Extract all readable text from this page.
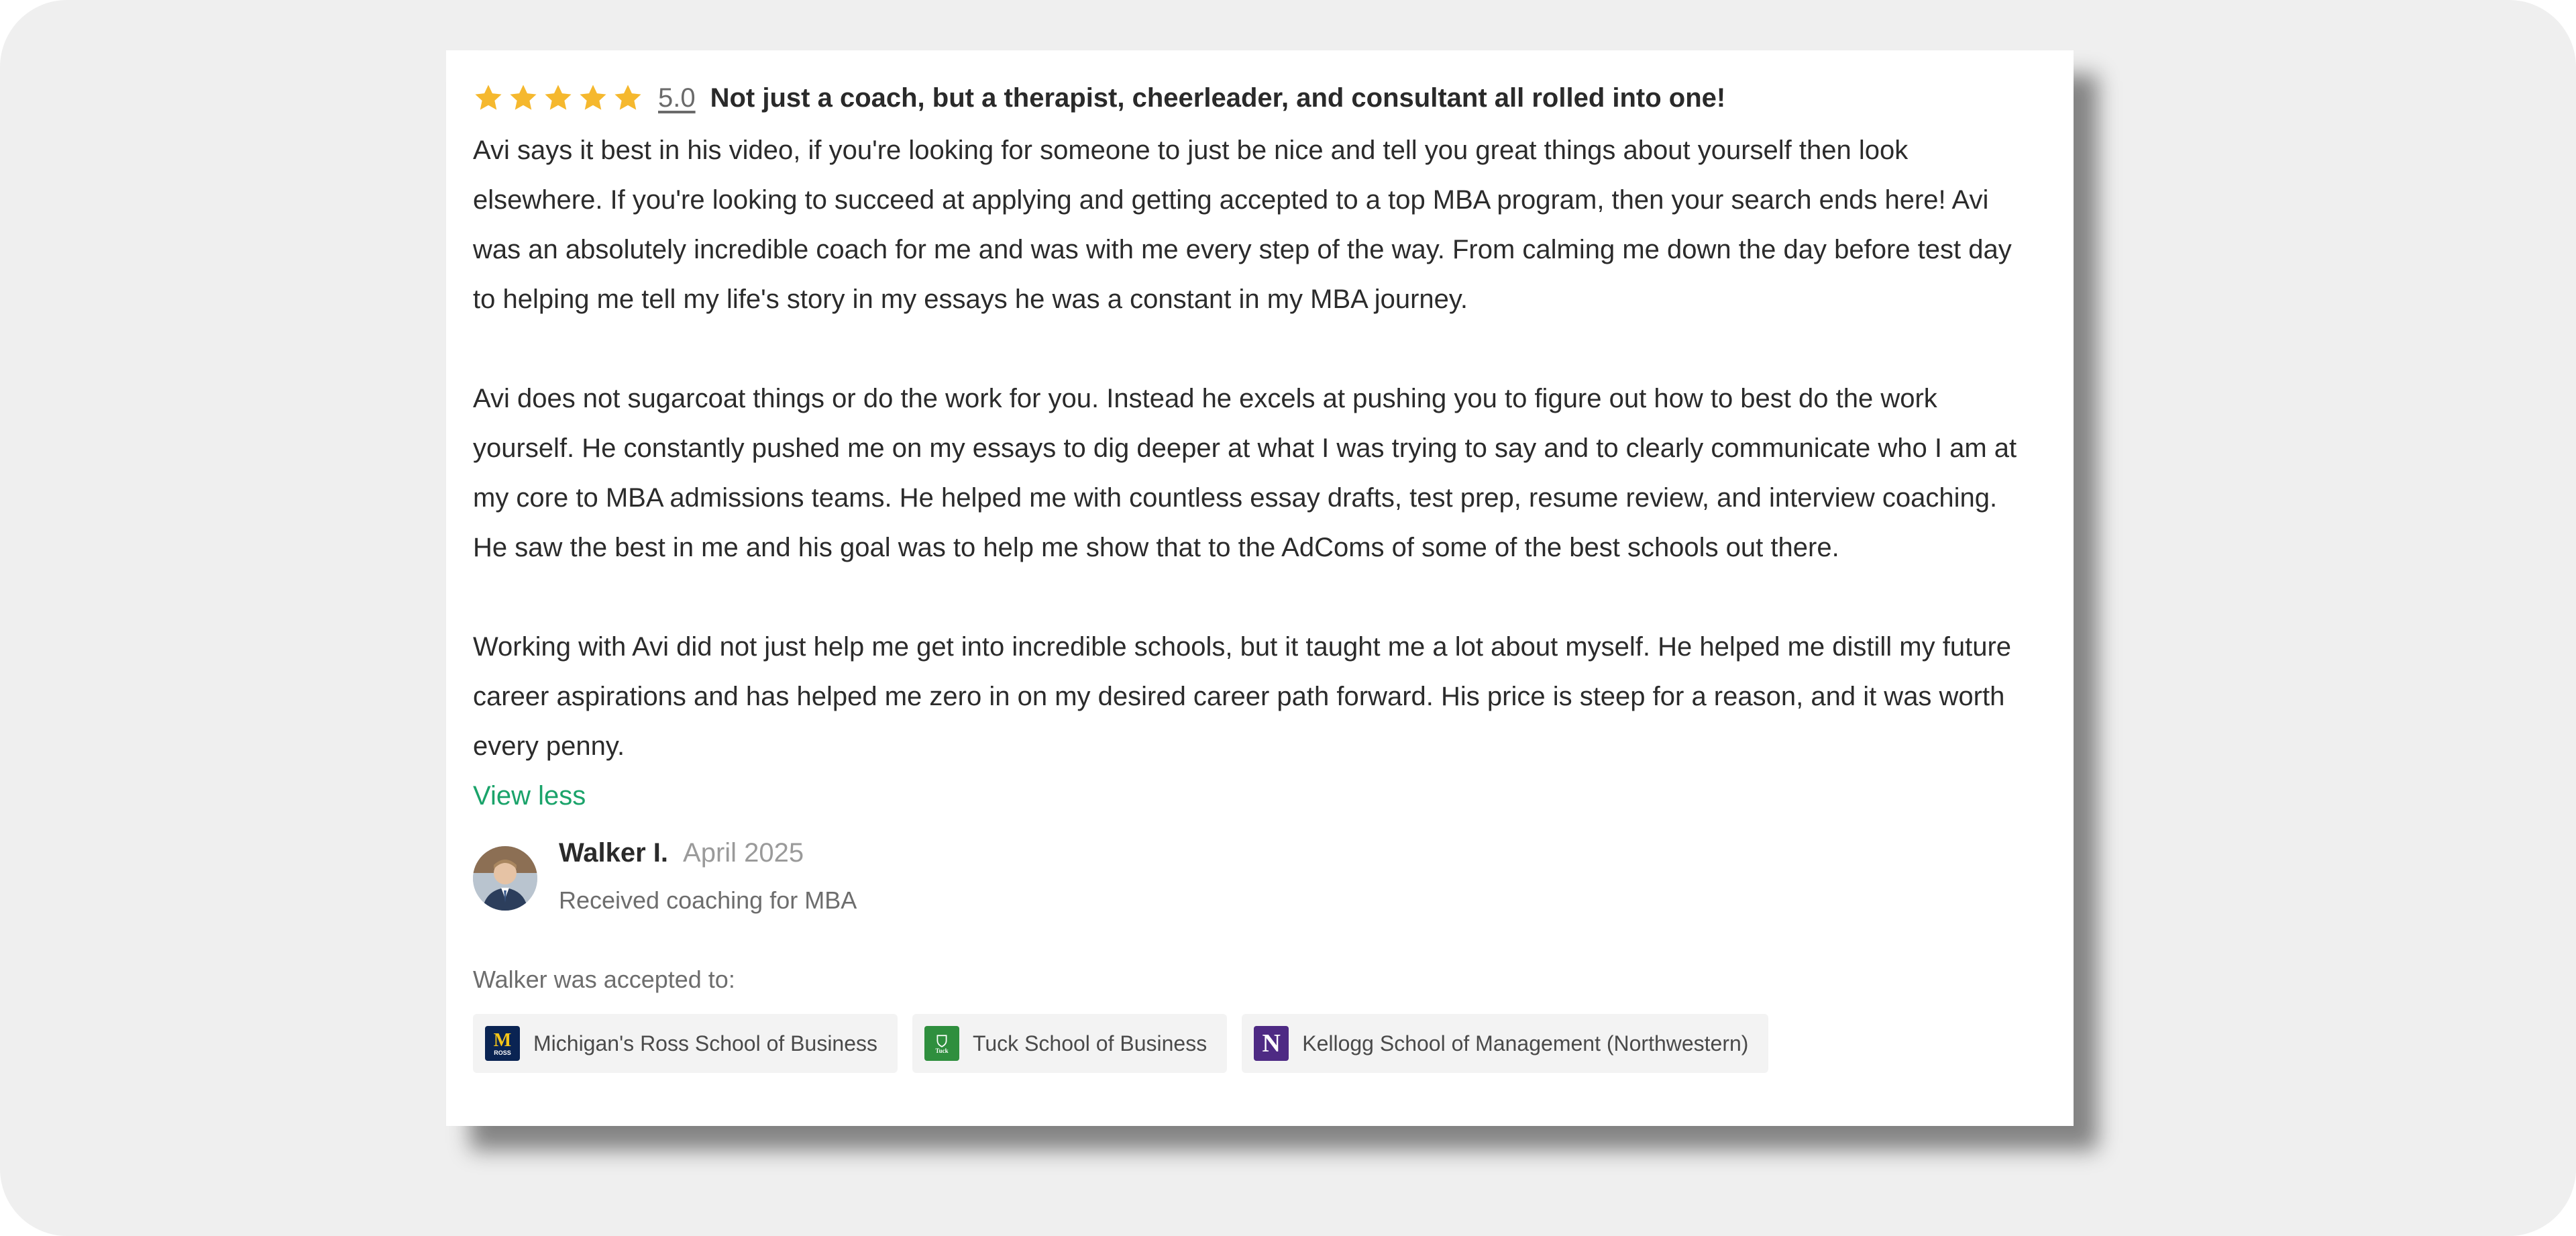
5.0 Not just a coach, but a therapist, cheerleader, and consultant all rolled into one!

Avi says it best in his video, if you're looking for someone to just be nice and tell you great things about yourself then look elsewhere. If you're looking to succeed at applying and getting accepted to a top MBA program, then your search ends here! Avi was an absolutely incredible coach for me and was with me every step of the way. From calming me down the day before test day to helping me tell my life's story in my essays he was a constant in my MBA journey.

Avi does not sugarcoat things or do the work for you. Instead he excels at pushing you to figure out how to best do the work yourself. He constantly pushed me on my essays to dig deeper at what I was trying to say and to clearly communicate who I am at my core to MBA admissions teams. He helped me with countless essay drafts, test prep, resume review, and interview coaching. He saw the best in me and his goal was to help me show that to the AdComs of some of the best schools out there.

Working with Avi did not just help me get into incredible schools, but it taught me a lot about myself. He helped me distill my future career aspirations and has helped me zero in on my desired career path forward. His price is steep for a reason, and it was worth every penny.

View less
Walker I. April 2025
Received coaching for MBA
Walker was accepted to:
M
ROSS Michigan's Ross School of Business	Tuck Tuck School of Business N Kellogg School of Management (Northwestern)
